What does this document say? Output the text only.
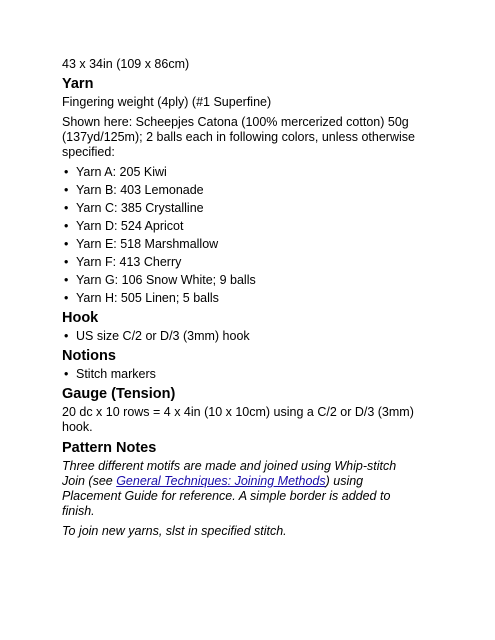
43 x 34in (109 x 86cm)

Yarn

Fingering weight (4ply) (#1 Superfine)

Shown here: Scheepjes Catona (100% mercerized cotton) 50g (137yd/125m); 2 balls each in following colors, unless otherwise specified:

• Yarn A: 205 Kiwi
• Yarn B: 403 Lemonade
• Yarn C: 385 Crystalline
• Yarn D: 524 Apricot
• Yarn E: 518 Marshmallow
• Yarn F: 413 Cherry
• Yarn G: 106 Snow White; 9 balls
• Yarn H: 505 Linen; 5 balls
Hook
• US size C/2 or D/3 (3mm) hook
Notions
• Stitch markers
Gauge (Tension)

20 dc x 10 rows = 4 x 4in (10 x 10cm) using a C/2 or D/3 (3mm) hook.

Pattern Notes

Three different motifs are made and joined using Whip-stitch Join (see General Techniques: Joining Methods) using Placement Guide for reference. A simple border is added to finish.

To join new yarns, slst in specified stitch.
